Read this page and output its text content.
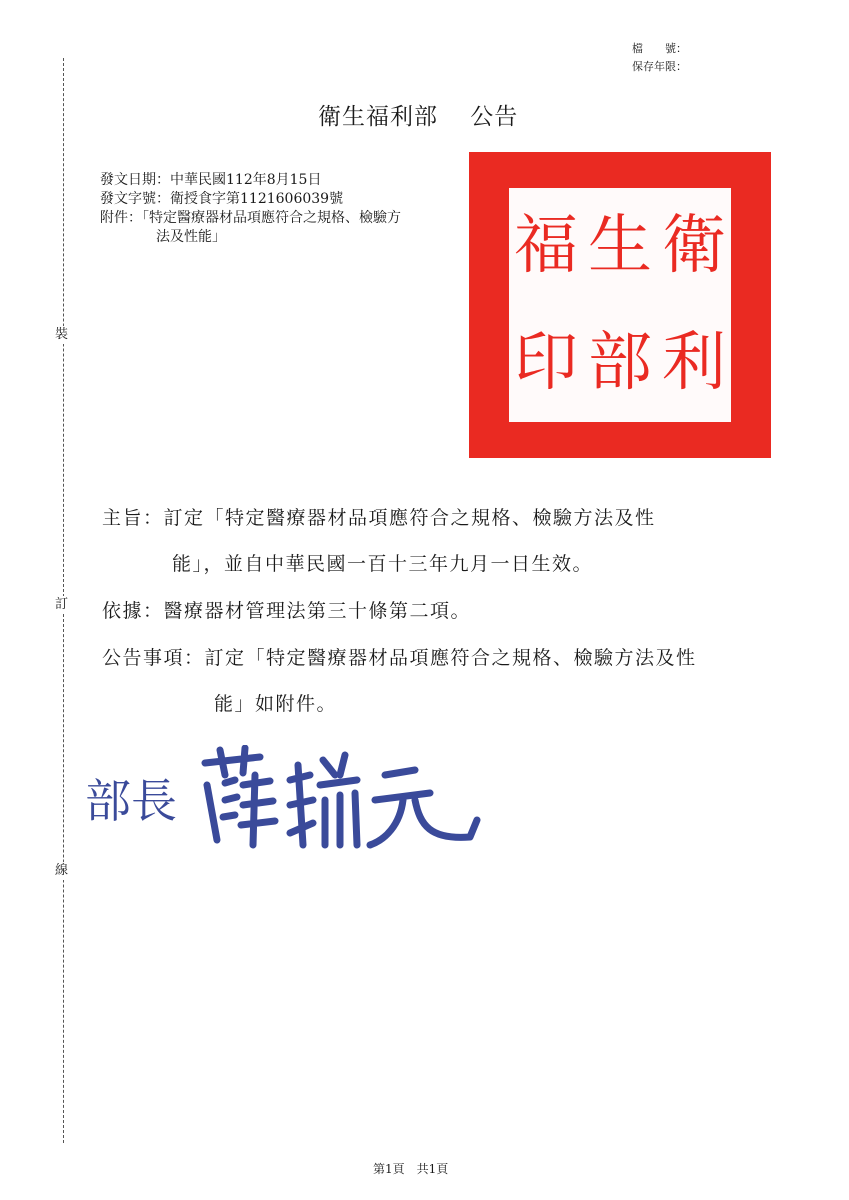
裝
訂
線
檔　　號：
保存年限：
衛生福利部　 公告
發文日期：中華民國112年8月15日
發文字號：衛授食字第1121606039號
附件：「特定醫療器材品項應符合之規格、檢驗方
法及性能」	衛
生
福
利
部
印
主旨：訂定「特定醫療器材品項應符合之規格、檢驗方法及性
能」，並自中華民國一百十三年九月一日生效。
依據：醫療器材管理法第三十條第二項。
公告事項：訂定「特定醫療器材品項應符合之規格、檢驗方法及性
能」如附件。
部長
第1頁　共1頁
